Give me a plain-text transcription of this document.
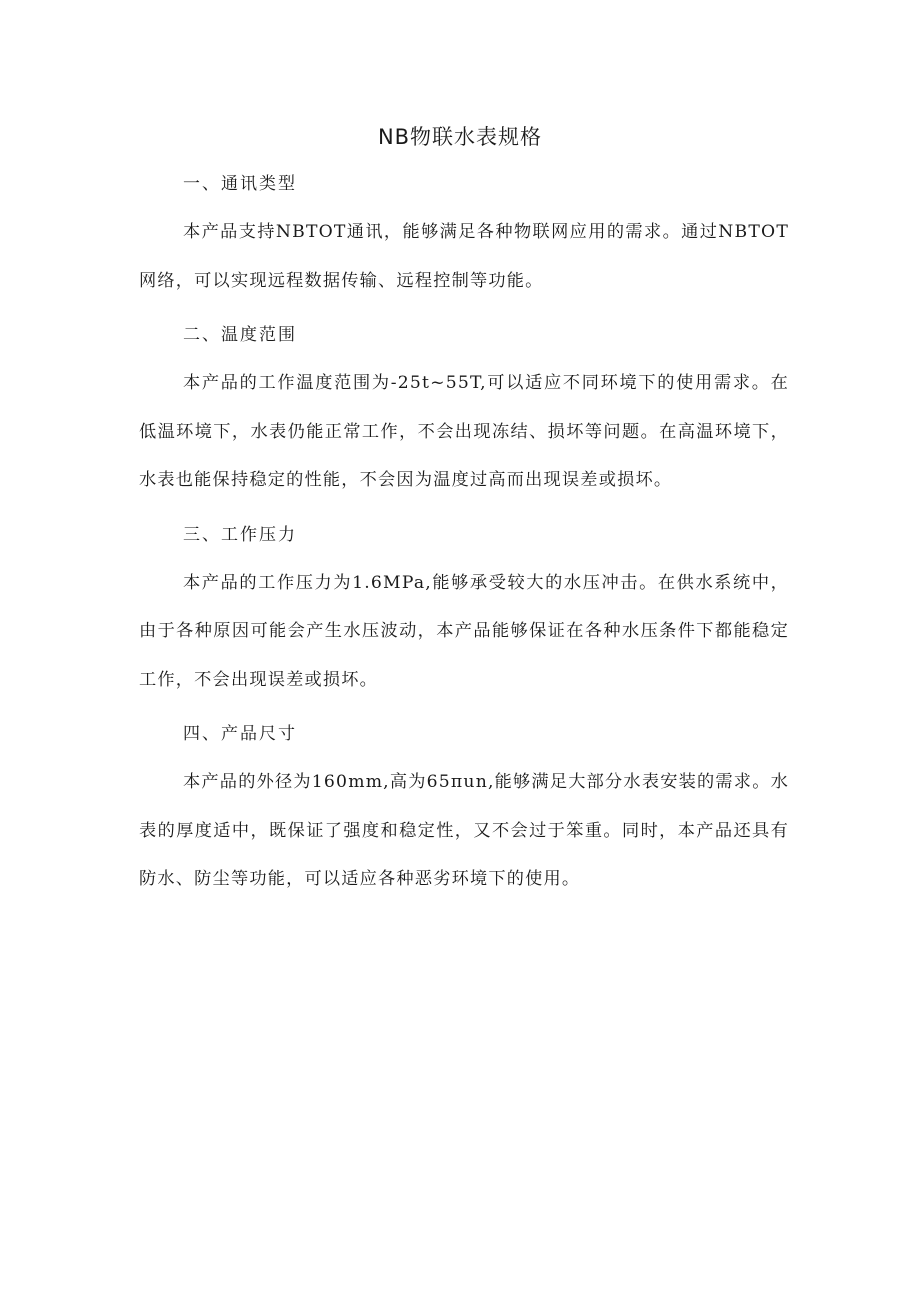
NB物联水表规格

一、通讯类型

本产品支持NBTOT通讯，能够满足各种物联网应用的需求。通过NBTOT网络，可以实现远程数据传输、远程控制等功能。

二、温度范围

本产品的工作温度范围为-25t~55T,可以适应不同环境下的使用需求。在低温环境下，水表仍能正常工作，不会出现冻结、损坏等问题。在高温环境下，水表也能保持稳定的性能，不会因为温度过高而出现误差或损坏。

三、工作压力

本产品的工作压力为1.6MPa,能够承受较大的水压冲击。在供水系统中，由于各种原因可能会产生水压波动，本产品能够保证在各种水压条件下都能稳定工作，不会出现误差或损坏。

四、产品尺寸

本产品的外径为160mm,高为65πun,能够满足大部分水表安装的需求。水表的厚度适中，既保证了强度和稳定性，又不会过于笨重。同时，本产品还具有防水、防尘等功能，可以适应各种恶劣环境下的使用。
